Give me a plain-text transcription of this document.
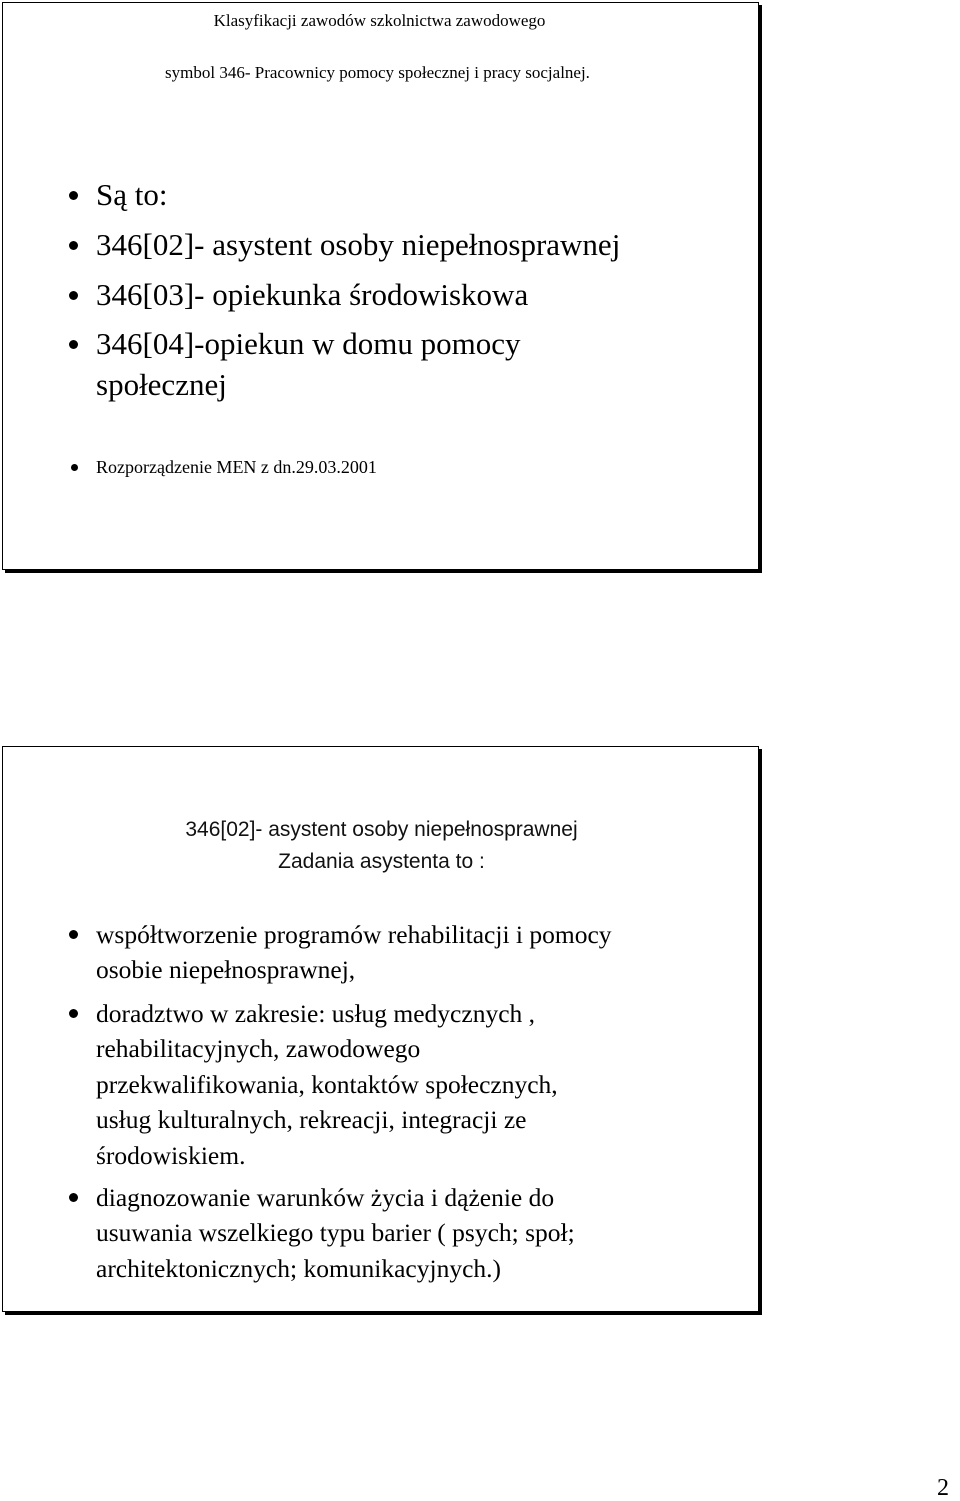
Klasyfikacji zawodów szkolnictwa zawodowego
symbol 346- Pracownicy pomocy społecznej i pracy socjalnej.
Są to:
346[02]- asystent osoby niepełnosprawnej
346[03]- opiekunka środowiskowa
346[04]-opiekun w domu pomocy
społecznej
Rozporządzenie MEN z dn.29.03.2001
346[02]- asystent osoby niepełnosprawnej
Zadania asystenta to :
współtworzenie programów rehabilitacji i pomocy
osobie niepełnosprawnej,
doradztwo w zakresie: usług medycznych ,
rehabilitacyjnych, zawodowego
przekwalifikowania, kontaktów społecznych,
usług kulturalnych, rekreacji, integracji ze
środowiskiem.
diagnozowanie warunków życia i dążenie do
usuwania wszelkiego typu barier ( psych; społ;
architektonicznych; komunikacyjnych.)
2
